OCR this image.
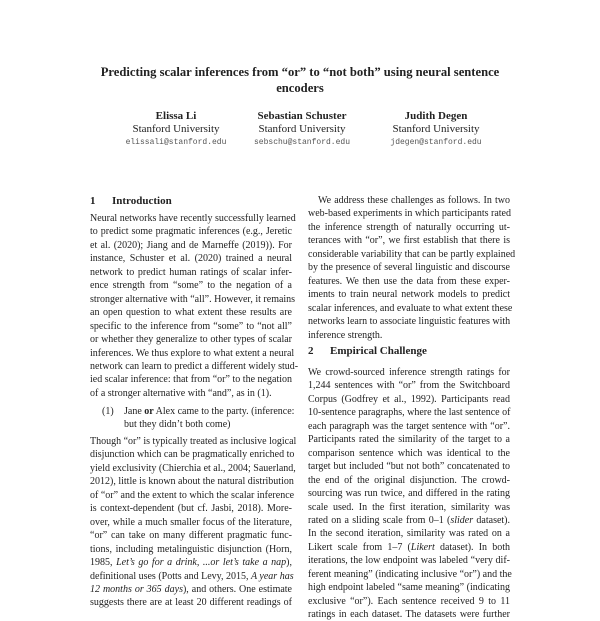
Predicting scalar inferences from “or” to “not both” using neural sentence
encoders
Elissa Li
Stanford University
elissali@stanford.edu
Sebastian Schuster
Stanford University
sebschu@stanford.edu
Judith Degen
Stanford University
jdegen@stanford.edu
1 Introduction
2 Empirical Challenge
(1)
Neural networks have recently successfully learned
to predict some pragmatic inferences (e.g., Jeretic
et al. (2020); Jiang and de Marneffe (2019)). For
instance, Schuster et al. (2020) trained a neural
network to predict human ratings of scalar infer-
ence strength from “some” to the negation of a
stronger alternative with “all”. However, it remains
an open question to what extent these results are
specific to the inference from “some” to “not all”
or whether they generalize to other types of scalar
inferences. We thus explore to what extent a neural
network can learn to predict a different widely stud-
ied scalar inference: that from “or” to the negation
of a stronger alternative with “and”, as in (1).
Jane or Alex came to the party. (inference:
but they didn’t both come)
Though “or” is typically treated as inclusive logical
disjunction which can be pragmatically enriched to
yield exclusivity (Chierchia et al., 2004; Sauerland,
2012), little is known about the natural distribution
of “or” and the extent to which the scalar inference
is context-dependent (but cf. Jasbi, 2018). More-
over, while a much smaller focus of the literature,
“or” can take on many different pragmatic func-
tions, including metalinguistic disjunction (Horn,
1985, Let’s go for a drink, ...or let’s take a nap),
definitional uses (Potts and Levy, 2015, A year has
12 months or 365 days), and others. One estimate
suggests there are at least 20 different readings of
We address these challenges as follows. In two
web-based experiments in which participants rated
the inference strength of naturally occurring ut-
terances with “or”, we first establish that there is
considerable variability that can be partly explained
by the presence of several linguistic and discourse
features. We then use the data from these exper-
iments to train neural network models to predict
scalar inferences, and evaluate to what extent these
networks learn to associate linguistic features with
inference strength.
We crowd-sourced inference strength ratings for
1,244 sentences with “or” from the Switchboard
Corpus (Godfrey et al., 1992). Participants read
10-sentence paragraphs, where the last sentence of
each paragraph was the target sentence with “or”.
Participants rated the similarity of the target to a
comparison sentence which was identical to the
target but included “but not both” concatenated to
the end of the original disjunction. The crowd-
sourcing was run twice, and differed in the rating
scale used. In the first iteration, similarity was
rated on a sliding scale from 0–1 (slider dataset).
In the second iteration, similarity was rated on a
Likert scale from 1–7 (Likert dataset). In both
iterations, the low endpoint was labeled “very dif-
ferent meaning” (indicating inclusive “or”) and the
high endpoint labeled “same meaning” (indicating
exclusive “or”). Each sentence received 9 to 11
ratings in each dataset. The datasets were further
